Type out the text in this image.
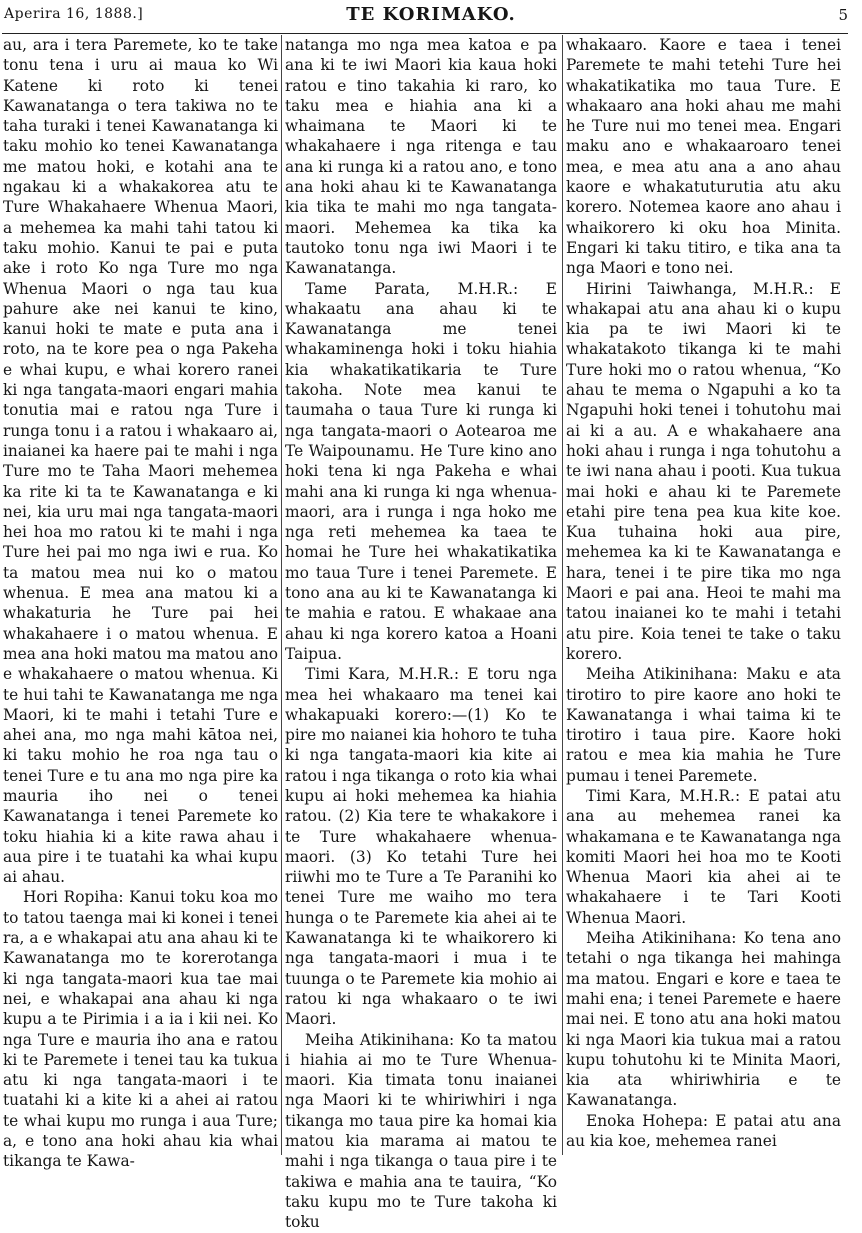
Aperira 16, 1888.]	TE KORIMAKO.	5

au, ara i tera Paremete, ko te take tonu tena i uru ai maua ko Wi Katene ki roto ki tenei Kawanatanga o tera takiwa no te taha turaki i tenei Kawanatanga ki taku mohio ko tenei Kawanatanga me matou hoki, e kotahi ana te ngakau ki a whakakorea atu te Ture Whakahaere Whenua Maori, a mehemea ka mahi tahi tatou ki taku mohio. Kanui te pai e puta ake i roto Ko nga Ture mo nga Whenua Maori o nga tau kua pahure ake nei kanui te kino, kanui hoki te mate e puta ana i roto, na te kore pea o nga Pakeha e whai kupu, e whai korero ranei ki nga tangata-maori engari mahia tonutia mai e ratou nga Ture i runga tonu i a ratou i whakaaro ai, inaianei ka haere pai te mahi i nga Ture mo te Taha Maori mehemea ka rite ki ta te Kawanatanga e ki nei, kia uru mai nga tangata-maori hei hoa mo ratou ki te mahi i nga Ture hei pai mo nga iwi e rua. Ko ta matou mea nui ko o matou whenua. E mea ana matou ki a whakaturia he Ture pai hei whakahaere i o matou whenua. E mea ana hoki matou ma matou ano e whakahaere o matou whenua. Ki te hui tahi te Kawanatanga me nga Maori, ki te mahi i tetahi Ture e ahei ana, mo nga mahi kātoa nei, ki taku mohio he roa nga tau o tenei Ture e tu ana mo nga pire ka mauria iho nei o tenei Kawanatanga i tenei Paremete ko toku hiahia ki a kite rawa ahau i aua pire i te tuatahi ka whai kupu ai ahau.

Hori Ropiha: Kanui toku koa mo to tatou taenga mai ki konei i tenei ra, a e whakapai atu ana ahau ki te Kawanatanga mo te korerotanga ki nga tangata-maori kua tae mai nei, e whakapai ana ahau ki nga kupu a te Pirimia i a ia i kii nei. Ko nga Ture e mauria iho ana e ratou ki te Paremete i tenei tau ka tukua atu ki nga tangata-maori i te tuatahi ki a kite ki a ahei ai ratou te whai kupu mo runga i aua Ture; a, e tono ana hoki ahau kia whai tikanga te Kawa-

natanga mo nga mea katoa e pa ana ki te iwi Maori kia kaua hoki ratou e tino takahia ki raro, ko taku mea e hiahia ana ki a whaimana te Maori ki te whakahaere i nga ritenga e tau ana ki runga ki a ratou ano, e tono ana hoki ahau ki te Kawanatanga kia tika te mahi mo nga tangata-maori. Mehemea ka tika ka tautoko tonu nga iwi Maori i te Kawanatanga.

Tame Parata, M.H.R.: E whakaatu ana ahau ki te Kawanatanga me tenei whakaminenga hoki i toku hiahia kia whakatikatikaria te Ture takoha. Note mea kanui te taumaha o taua Ture ki runga ki nga tangata-maori o Aotearoa me Te Waipounamu. He Ture kino ano hoki tena ki nga Pakeha e whai mahi ana ki runga ki nga whenua-maori, ara i runga i nga hoko me nga reti mehemea ka taea te homai he Ture hei whakatikatika mo taua Ture i tenei Paremete. E tono ana au ki te Kawanatanga ki te mahia e ratou. E whakaae ana ahau ki nga korero katoa a Hoani Taipua.

Timi Kara, M.H.R.: E toru nga mea hei whakaaro ma tenei kai whakapuaki korero:—(1) Ko te pire mo naianei kia hohoro te tuha ki nga tangata-maori kia kite ai ratou i nga tikanga o roto kia whai kupu ai hoki mehemea ka hiahia ratou. (2) Kia tere te whakakore i te Ture whakahaere whenua-maori. (3) Ko tetahi Ture hei riiwhi mo te Ture a Te Paranihi ko tenei Ture me waiho mo tera hunga o te Paremete kia ahei ai te Kawanatanga ki te whaikorero ki nga tangata-maori i mua i te tuunga o te Paremete kia mohio ai ratou ki nga whakaaro o te iwi Maori.

Meiha Atikinihana: Ko ta matou i hiahia ai mo te Ture Whenua-maori. Kia timata tonu inaianei nga Maori ki te whiriwhiri i nga tikanga mo taua pire ka homai kia matou kia marama ai matou te mahi i nga tikanga o taua pire i te takiwa e mahia ana te tauira, “Ko taku kupu mo te Ture takoha ki toku

whakaaro. Kaore e taea i tenei Paremete te mahi tetehi Ture hei whakatikatika mo taua Ture. E whakaaro ana hoki ahau me mahi he Ture nui mo tenei mea. Engari maku ano e whakaaroaro tenei mea, e mea atu ana a ano ahau kaore e whakatuturutia atu aku korero. Notemea kaore ano ahau i whaikorero ki oku hoa Minita. Engari ki taku titiro, e tika ana ta nga Maori e tono nei.

Hirini Taiwhanga, M.H.R.: E whakapai atu ana ahau ki o kupu kia pa te iwi Maori ki te whakatakoto tikanga ki te mahi Ture hoki mo o ratou whenua, “Ko ahau te mema o Ngapuhi a ko ta Ngapuhi hoki tenei i tohutohu mai ai ki a au. A e whakahaere ana hoki ahau i runga i nga tohutohu a te iwi nana ahau i pooti. Kua tukua mai hoki e ahau ki te Paremete etahi pire tena pea kua kite koe. Kua tuhaina hoki aua pire, mehemea ka ki te Kawanatanga e hara, tenei i te pire tika mo nga Maori e pai ana. Heoi te mahi ma tatou inaianei ko te mahi i tetahi atu pire. Koia tenei te take o taku korero.

Meiha Atikinihana: Maku e ata tirotiro to pire kaore ano hoki te Kawanatanga i whai taima ki te tirotiro i taua pire. Kaore hoki ratou e mea kia mahia he Ture pumau i tenei Paremete.

Timi Kara, M.H.R.: E patai atu ana au mehemea ranei ka whakamana e te Kawanatanga nga komiti Maori hei hoa mo te Kooti Whenua Maori kia ahei ai te whakahaere i te Tari Kooti Whenua Maori.

Meiha Atikinihana: Ko tena ano tetahi o nga tikanga hei mahinga ma matou. Engari e kore e taea te mahi ena; i tenei Paremete e haere mai nei. E tono atu ana hoki matou ki nga Maori kia tukua mai a ratou kupu tohutohu ki te Minita Maori, kia ata whiriwhiria e te Kawanatanga.

Enoka Hohepa: E patai atu ana au kia koe, mehemea ranei
